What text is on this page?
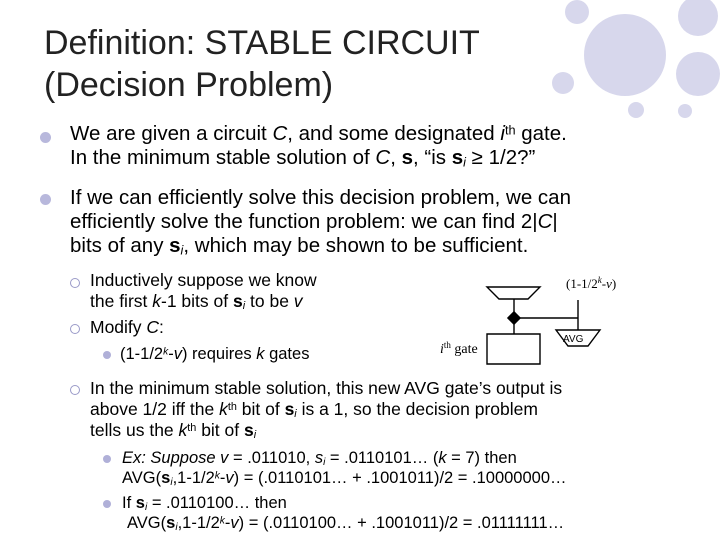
Definition: STABLE CIRCUIT
(Decision Problem)
We are given a circuit C, and some designated $i^{th}$ gate.
In the minimum stable solution of C, s, “is $s_i \ge 1/2$?”
If we can efficiently solve this decision problem, we can
efficiently solve the function problem: we can find 2|C|
bits of any $s_i$, which may be shown to be sufficient.
Inductively suppose we know
the first k-1 bits of $s_i$ to be v
Modify C:
(1-1/2$^k$-v) requires k gates
(1-1/2$^k$-v)
$i^{th}$ gate
AVG
In the minimum stable solution, this new AVG gate’s output is
above 1/2 iff the $k^{th}$ bit of $s_i$ is a 1, so the decision problem
tells us the $k^{th}$ bit of $s_i$
Ex: Suppose v = .011010, $s_i$ = .0110101… (k = 7) then
$AVG(s_i,1-1/2^k-v)$ = (.0110101… + .1001011)/2 = .10000000…
If $s_i$ = .0110100… then
$AVG(s_i,1-1/2^k-v)$ = (.0110100… + .1001011)/2 = .01111111…
